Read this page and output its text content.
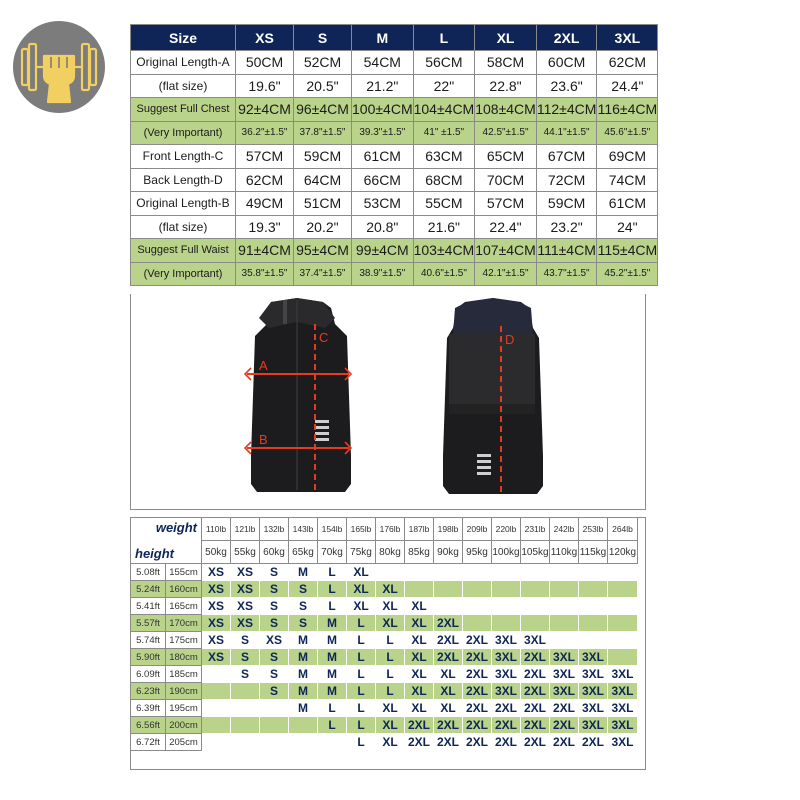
Size	XS	S	M	L	XL	2XL	3XL
Original Length-A	50CM	52CM	54CM	56CM	58CM	60CM	62CM
(flat size)	19.6"	20.5"	21.2"	22"	22.8"	23.6"	24.4"
Suggest Full Chest	92±4CM	96±4CM	100±4CM	104±4CM	108±4CM	112±4CM	116±4CM
(Very Important)	36.2"±1.5"	37.8"±1.5"	39.3"±1.5"	41" ±1.5"	42.5"±1.5"	44.1"±1.5"	45.6"±1.5"
Front Length-C	57CM	59CM	61CM	63CM	65CM	67CM	69CM
Back Length-D	62CM	64CM	66CM	68CM	70CM	72CM	74CM
Original Length-B	49CM	51CM	53CM	55CM	57CM	59CM	61CM
(flat size)	19.3"	20.2"	20.8"	21.6"	22.4"	23.2"	24"
Suggest Full Waist	91±4CM	95±4CM	99±4CM	103±4CM	107±4CM	111±4CM	115±4CM
(Very Important)	35.8"±1.5"	37.4"±1.5"	38.9"±1.5"	40.6"±1.5"	42.1"±1.5"	43.7"±1.5"	45.2"±1.5"
A
B
C	D
weight
height		110lb	121lb	132lb	143lb	154lb	165lb	176lb	187lb	198lb	209lb	220lb	231lb	242lb	253lb	264lb
		50kg	55kg	60kg	65kg	70kg	75kg	80kg	85kg	90kg	95kg	100kg	105kg	110kg	115kg	120kg
5.08ft	155cm	XS	XS	S	M	L	XL									
5.24ft	160cm	XS	XS	S	S	L	XL	XL								
5.41ft	165cm	XS	XS	S	S	L	XL	XL	XL							
5.57ft	170cm	XS	XS	S	S	M	L	XL	XL	2XL						
5.74ft	175cm	XS	S	XS	M	M	L	L	XL	2XL	2XL	3XL	3XL			
5.90ft	180cm	XS	S	S	M	M	L	L	XL	2XL	2XL	3XL	2XL	3XL	3XL	
6.09ft	185cm		S	S	M	M	L	L	XL	XL	2XL	3XL	2XL	3XL	3XL	3XL
6.23ft	190cm			S	M	M	L	L	XL	XL	2XL	3XL	2XL	3XL	3XL	3XL
6.39ft	195cm				M	L	L	XL	XL	XL	2XL	2XL	2XL	2XL	3XL	3XL
6.56ft	200cm					L	L	XL	2XL	2XL	2XL	2XL	2XL	2XL	3XL	3XL
6.72ft	205cm						L	XL	2XL	2XL	2XL	2XL	2XL	2XL	2XL	3XL
